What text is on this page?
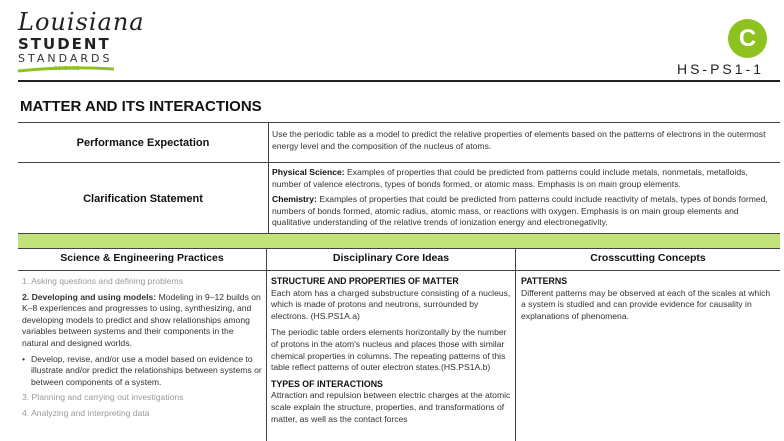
Louisiana
STUDENT
STANDARDS
SCIENCE
C
HS-PS1-1
MATTER AND ITS INTERACTIONS
Performance Expectation

Use the periodic table as a model to predict the relative properties of elements based on the patterns of electrons in the outermost energy level and the composition of the nucleus of atoms.

Clarification Statement

Physical Science: Examples of properties that could be predicted from patterns could include metals, nonmetals, metalloids, number of valence electrons, types of bonds formed, or atomic mass. Emphasis is on main group elements.

Chemistry: Examples of properties that could be predicted from patterns could include reactivity of metals, types of bonds formed, numbers of bonds formed, atomic radius, atomic mass, or reactions with oxygen. Emphasis is on main group elements and qualitative understanding of the relative trends of ionization energy and electronegativity.

Science & Engineering Practices	Disciplinary Core Ideas	Crosscutting Concepts
1. Asking questions and defining problems
2. Developing and using models: Modeling in 9–12 builds on K–8 experiences and progresses to using, synthesizing, and developing models to predict and show relationships among variables between systems and their components in the natural and designed worlds.
• Develop, revise, and/or use a model based on evidence to illustrate and/or predict the relationships between systems or between components of a system.
3. Planning and carrying out investigations
4. Analyzing and interpreting data
STRUCTURE AND PROPERTIES OF MATTER

Each atom has a charged substructure consisting of a nucleus, which is made of protons and neutrons, surrounded by electrons. (HS.PS1A.a)

The periodic table orders elements horizontally by the number of protons in the atom's nucleus and places those with similar chemical properties in columns. The repeating patterns of this table reflect patterns of outer electron states.(HS.PS1A.b)

TYPES OF INTERACTIONS

Attraction and repulsion between electric charges at the atomic scale explain the structure, properties, and transformations of matter, as well as the contact forces

PATTERNS

Different patterns may be observed at each of the scales at which a system is studied and can provide evidence for causality in explanations of phenomena.
